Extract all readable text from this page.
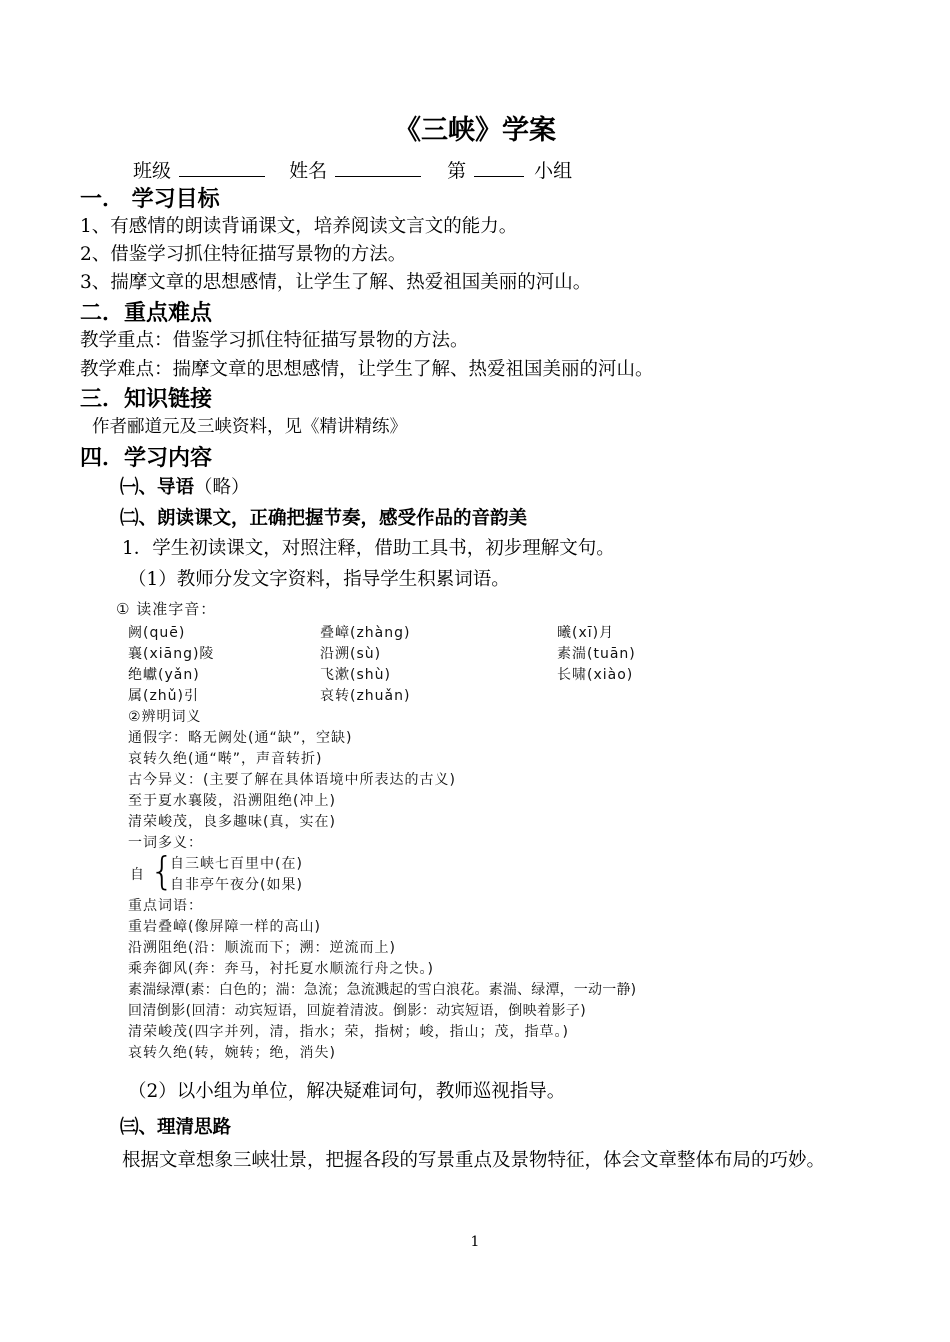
《三峡》学案
班级	姓名	第	小组
一． 学习目标
1、有感情的朗读背诵课文，培养阅读文言文的能力。
2、借鉴学习抓住特征描写景物的方法。
3、揣摩文章的思想感情，让学生了解、热爱祖国美丽的河山。
二．重点难点
教学重点：借鉴学习抓住特征描写景物的方法。
教学难点：揣摩文章的思想感情，让学生了解、热爱祖国美丽的河山。
三．知识链接
作者郦道元及三峡资料，见《精讲精练》
四．学习内容
㈠、导语（略）
㈡、朗读课文，正确把握节奏，感受作品的音韵美
1．学生初读课文，对照注释，借助工具书，初步理解文句。
（1）教师分发文字资料，指导学生积累词语。
① 读准字音：
阙(quē)	叠嶂(zhàng)	曦(xī)月
襄(xiāng)陵	沿溯(sù)	素湍(tuān)
绝巘(yǎn)	飞漱(shù)	长啸(xiào)
属(zhǔ)引	哀转(zhuǎn)
②辨明词义
通假字：略无阙处(通“缺”，空缺)
哀转久绝(通“啭”，声音转折)
古今异义：(主要了解在具体语境中所表达的古义)
至于夏水襄陵，沿溯阻绝(冲上)
清荣峻茂，良多趣味(真，实在)
一词多义：
自 {
自三峡七百里中(在)
自非亭午夜分(如果)
重点词语：
重岩叠嶂(像屏障一样的高山)
沿溯阻绝(沿：顺流而下；溯：逆流而上)
乘奔御风(奔：奔马，衬托夏水顺流行舟之快。)
素湍绿潭(素：白色的；湍：急流；急流溅起的雪白浪花。素湍、绿潭，一动一静)
回清倒影(回清：动宾短语，回旋着清波。倒影：动宾短语，倒映着影子)
清荣峻茂(四字并列，清，指水；荣，指树；峻，指山；茂，指草。)
哀转久绝(转，婉转；绝，消失)
（2）以小组为单位，解决疑难词句，教师巡视指导。
㈢、理清思路
根据文章想象三峡壮景，把握各段的写景重点及景物特征，体会文章整体布局的巧妙。
1
